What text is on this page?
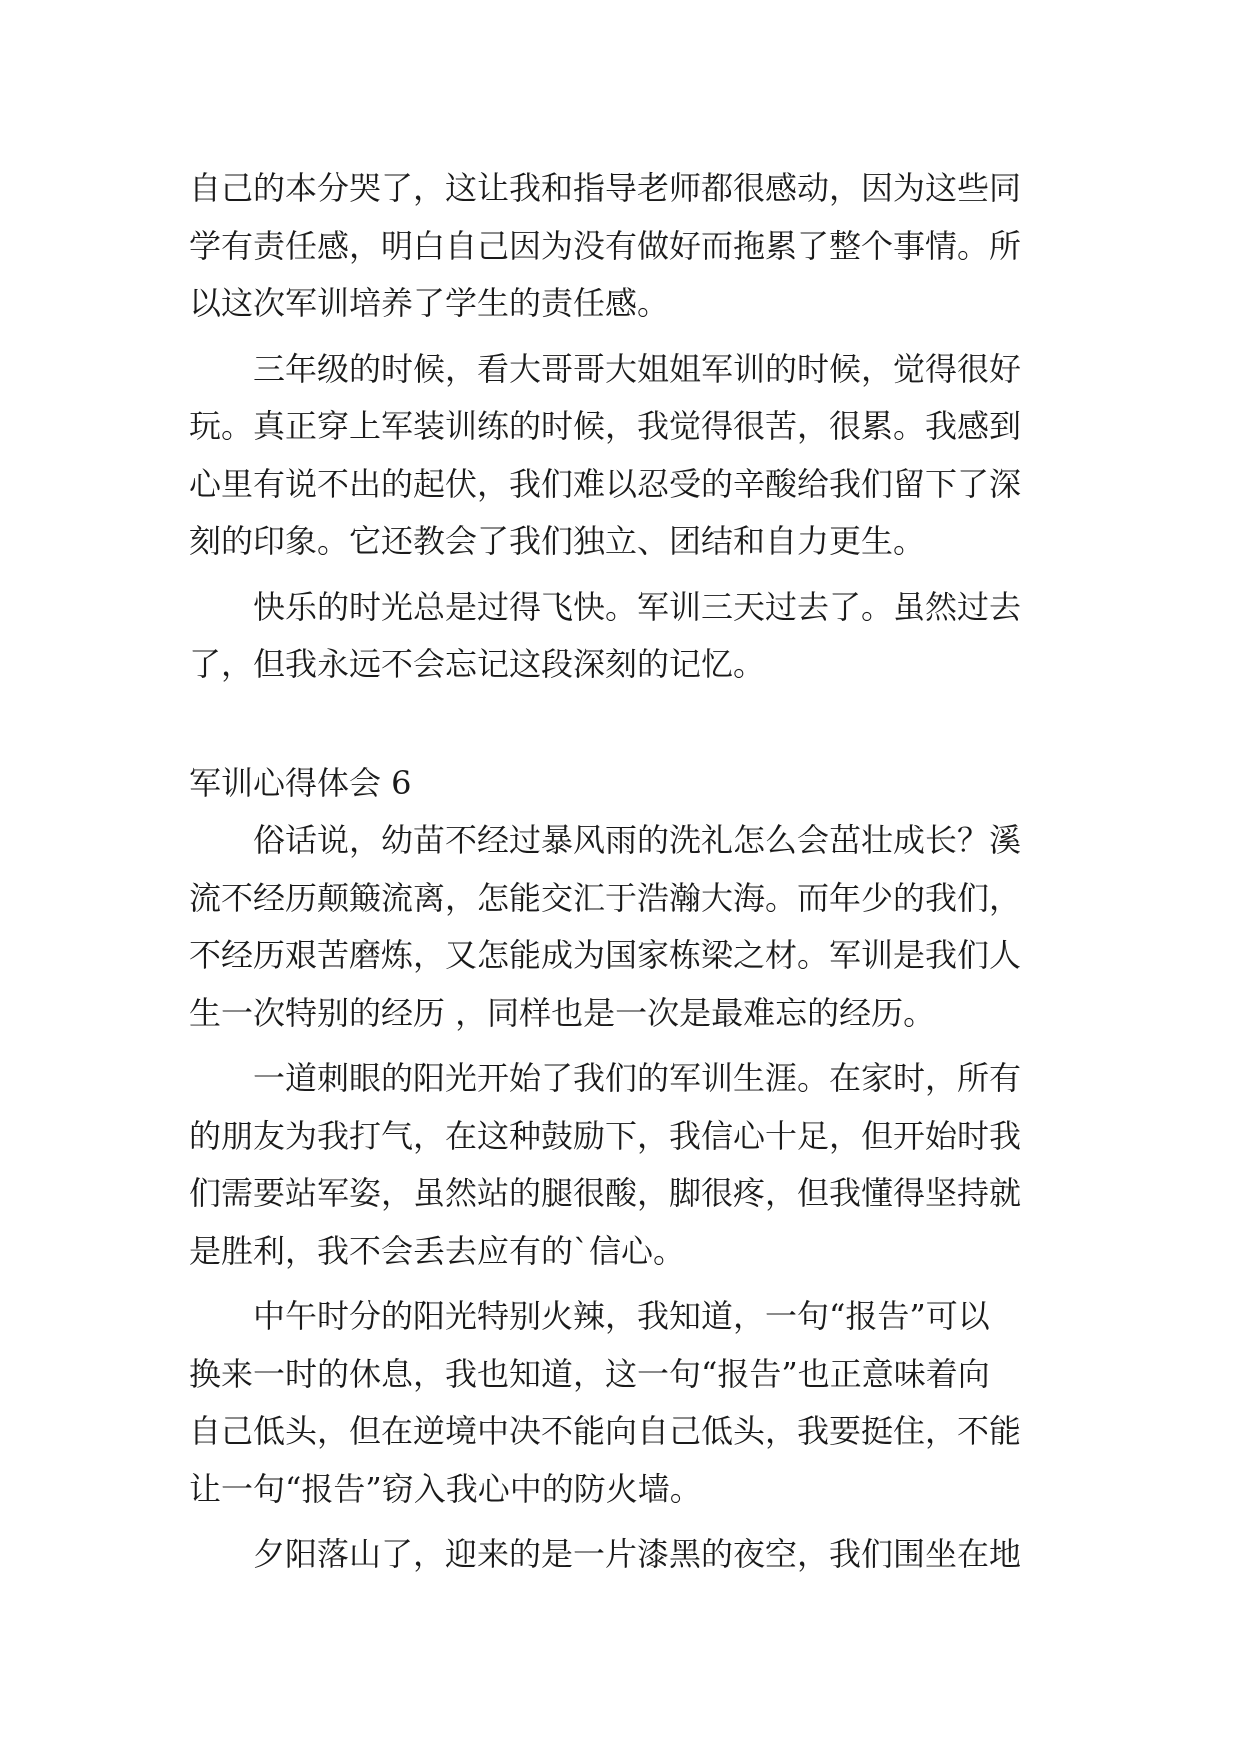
自己的本分哭了，这让我和指导老师都很感动，因为这些同
学有责任感，明白自己因为没有做好而拖累了整个事情。所
以这次军训培养了学生的责任感。
三年级的时候，看大哥哥大姐姐军训的时候，觉得很好
玩。真正穿上军装训练的时候，我觉得很苦，很累。我感到
心里有说不出的起伏，我们难以忍受的辛酸给我们留下了深
刻的印象。它还教会了我们独立、团结和自力更生。
快乐的时光总是过得飞快。军训三天过去了。虽然过去
了，但我永远不会忘记这段深刻的记忆。
军训心得体会 6
俗话说，幼苗不经过暴风雨的洗礼怎么会茁壮成长？溪
流不经历颠簸流离，怎能交汇于浩瀚大海。而年少的我们，
不经历艰苦磨炼，又怎能成为国家栋梁之材。军训是我们人
生一次特别的经历 ，同样也是一次是最难忘的经历。
一道刺眼的阳光开始了我们的军训生涯。在家时，所有
的朋友为我打气，在这种鼓励下，我信心十足，但开始时我
们需要站军姿，虽然站的腿很酸，脚很疼，但我懂得坚持就
是胜利，我不会丢去应有的`信心。
中午时分的阳光特别火辣，我知道，一句“报告”可以
换来一时的休息，我也知道，这一句“报告”也正意味着向
自己低头，但在逆境中决不能向自己低头，我要挺住，不能
让一句“报告”窃入我心中的防火墙。
夕阳落山了，迎来的是一片漆黑的夜空，我们围坐在地
